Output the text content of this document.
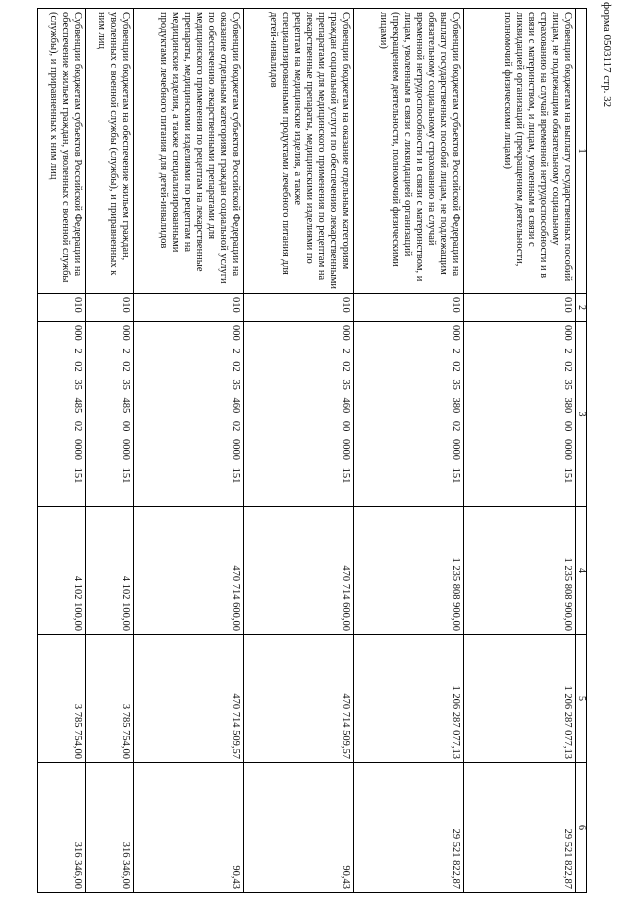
форма 0503117 стр. 32
1	2	3	4	5	6
Субвенции бюджетам на выплату государственных пособий лицам, не подлежащим обязательному социальному страхованию на случай временной нетрудоспособности и в связи с материнством, и лицам, уволенным в связи с ликвидацией организаций (прекращением деятельности, полномочий физическими лицами)	010	000 2 02 35 380 00 0000 151	1 235 808 900,00	1 206 287 077,13	29 521 822,87
Субвенции бюджетам субъектов Российской Федерации на выплату государственных пособий лицам, не подлежащим обязательному социальному страхованию на случай временной нетрудоспособности и в связи с материнством, и лицам, уволенным в связи с ликвидацией организаций (прекращением деятельности, полномочий физическими лицами)	010	000 2 02 35 380 02 0000 151	1 235 808 900,00	1 206 287 077,13	29 521 822,87
Субвенции бюджетам на оказание отдельным категориям граждан социальной услуги по обеспечению лекарственными препаратами для медицинского применения по рецептам на лекарственные препараты, медицинскими изделиями по рецептам на медицинские изделия, а также специализированными продуктами лечебного питания для детей-инвалидов	010	000 2 02 35 460 00 0000 151	470 714 600,00	470 714 509,57	90,43
Субвенции бюджетам субъектов Российской Федерации на оказание отдельным категориям граждан социальной услуги по обеспечению лекарственными препаратами для медицинского применения по рецептам на лекарственные препараты, медицинскими изделиями по рецептам на медицинские изделия, а также специализированными продуктами лечебного питания для детей-инвалидов	010	000 2 02 35 460 02 0000 151	470 714 600,00	470 714 509,57	90,43
Субвенции бюджетам на обеспечение жильем граждан, уволенных с военной службы (службы), и приравненных к ним лиц	010	000 2 02 35 485 00 0000 151	4 102 100,00	3 785 754,00	316 346,00
Субвенции бюджетам субъектов Российской Федерации на обеспечение жильем граждан, уволенных с военной службы (службы), и приравненных к ним лиц	010	000 2 02 35 485 02 0000 151	4 102 100,00	3 785 754,00	316 346,00
